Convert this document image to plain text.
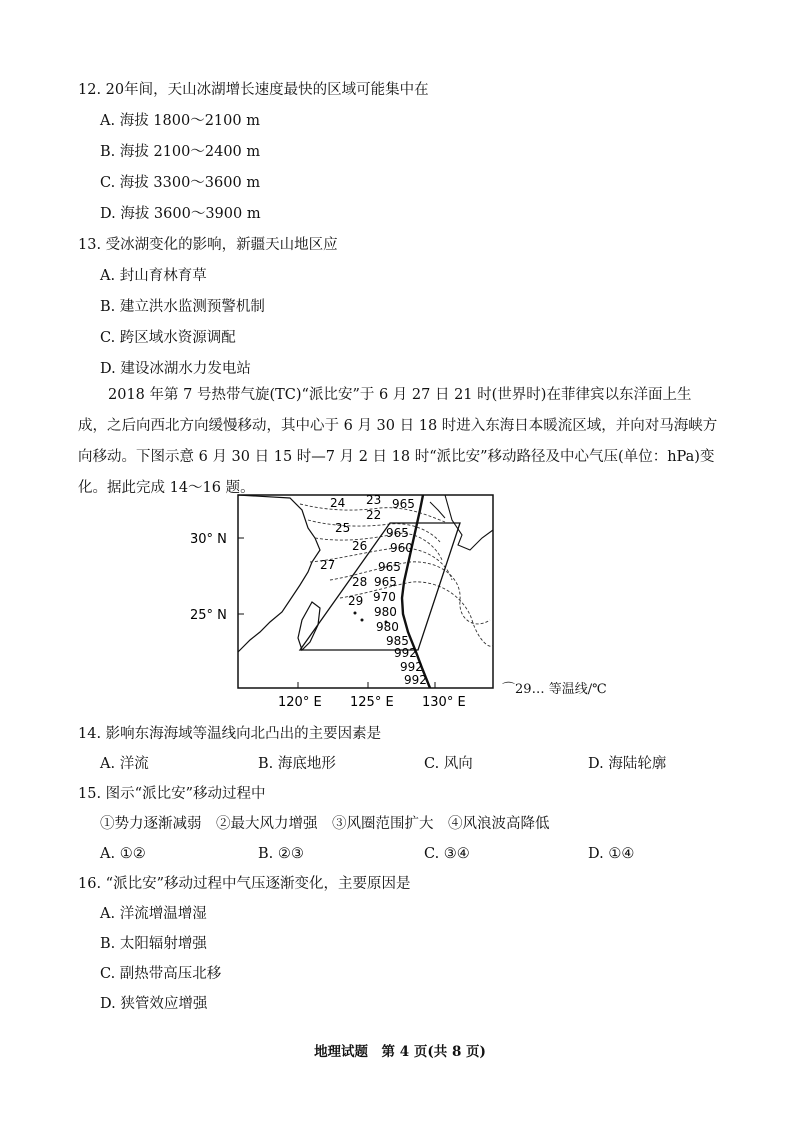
12. 20年间，天山冰湖增长速度最快的区域可能集中在
A. 海拔 1800～2100 m
B. 海拔 2100～2400 m
C. 海拔 3300～3600 m
D. 海拔 3600～3900 m
13. 受冰湖变化的影响，新疆天山地区应
A. 封山育林育草
B. 建立洪水监测预警机制
C. 跨区域水资源调配
D. 建设冰湖水力发电站
2018 年第 7 号热带气旋(TC)“派比安”于 6 月 27 日 21 时(世界时)在菲律宾以东洋面上生成，之后向西北方向缓慢移动，其中心于 6 月 30 日 18 时进入东海日本暖流区域，并向对马海峡方向移动。下图示意 6 月 30 日 15 时—7 月 2 日 18 时“派比安”移动路径及中心气压(单位：hPa)变化。据此完成 14～16 题。
30° N
25° N
120° E 125° E 130° E
24 23
22
25
26
27
28
29
965
965
960
965
965
970
980
980
985
992
992
992
⌒29… 等温线/℃
14. 影响东海海域等温线向北凸出的主要因素是
A. 洋流	B. 海底地形	C. 风向	D. 海陆轮廓
15. 图示“派比安”移动过程中
①势力逐渐减弱　②最大风力增强　③风圈范围扩大　④风浪波高降低
A. ①②	B. ②③	C. ③④	D. ①④
16. “派比安”移动过程中气压逐渐变化，主要原因是
A. 洋流增温增湿
B. 太阳辐射增强
C. 副热带高压北移
D. 狭管效应增强
地理试题　第 4 页(共 8 页)
